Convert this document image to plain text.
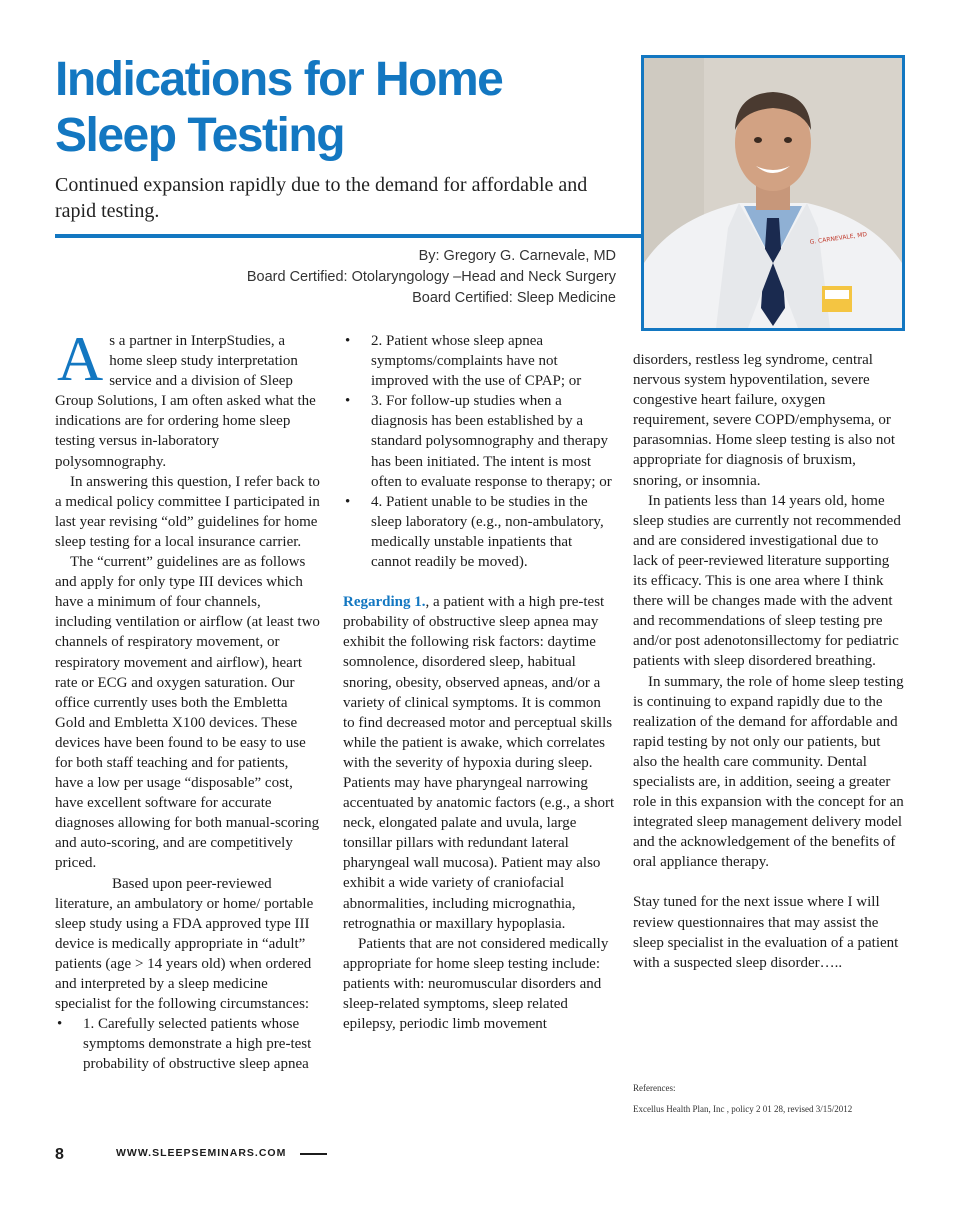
Indications for Home
Sleep Testing
Continued expansion rapidly due to the demand for affordable and rapid testing.
By: Gregory G. Carnevale, MD
Board Certified: Otolaryngology –Head and Neck Surgery
Board Certified: Sleep Medicine
G. CARNEVALE, MD

As a partner in InterpStudies, a home sleep study interpretation service and a division of Sleep Group Solutions, I am often asked what the indications are for ordering home sleep testing versus in-laboratory polysomnography.

In answering this question, I refer back to a medical policy committee I participated in last year revising “old” guidelines for home sleep testing for a local insurance carrier.

The “current” guidelines are as follows and apply for only type III devices which have a minimum of four channels, including ventilation or airflow (at least two channels of respiratory movement, or respiratory movement and airflow), heart rate or ECG and oxygen saturation. Our office currently uses both the Embletta Gold and Embletta X100 devices. These devices have been found to be easy to use for both staff teaching and for patients, have a low per usage “disposable” cost, have excellent software for accurate diagnoses allowing for both manual-scoring and auto-scoring, and are competitively priced.

Based upon peer-reviewed literature, an ambulatory or home/ portable sleep study using a FDA approved type III device is medically appropriate in “adult” patients (age > 14 years old) when ordered and interpreted by a sleep medicine specialist for the following circumstances:

• 1. Carefully selected patients whose symptoms demonstrate a high pre-test probability of obstructive sleep apnea
• 2. Patient whose sleep apnea symptoms/complaints have not improved with the use of CPAP; or
• 3. For follow-up studies when a diagnosis has been established by a standard polysomnography and therapy has been initiated. The intent is most often to evaluate response to therapy; or
• 4. Patient unable to be studies in the sleep laboratory (e.g., non-ambulatory, medically unstable inpatients that cannot readily be moved).

Regarding 1., a patient with a high pre-test probability of obstructive sleep apnea may exhibit the following risk factors: daytime somnolence, disordered sleep, habitual snoring, obesity, observed apneas, and/or a variety of clinical symptoms. It is common to find decreased motor and perceptual skills while the patient is awake, which correlates with the severity of hypoxia during sleep. Patients may have pharyngeal narrowing accentuated by anatomic factors (e.g., a short neck, elongated palate and uvula, large tonsillar pillars with redundant lateral pharyngeal wall mucosa). Patient may also exhibit a wide variety of craniofacial abnormalities, including micrognathia, retrognathia or maxillary hypoplasia.

Patients that are not considered medically appropriate for home sleep testing include: patients with: neuromuscular disorders and sleep-related symptoms, sleep related epilepsy, periodic limb movement

disorders, restless leg syndrome, central nervous system hypoventilation, severe congestive heart failure, oxygen requirement, severe COPD/emphysema, or parasomnias. Home sleep testing is also not appropriate for diagnosis of bruxism, snoring, or insomnia.

In patients less than 14 years old, home sleep studies are currently not recommended and are considered investigational due to lack of peer-reviewed literature supporting its efficacy. This is one area where I think there will be changes made with the advent and recommendations of sleep testing pre and/or post adenotonsillectomy for pediatric patients with sleep disordered breathing.

In summary, the role of home sleep testing is continuing to expand rapidly due to the realization of the demand for affordable and rapid testing by not only our patients, but also the health care community. Dental specialists are, in addition, seeing a greater role in this expansion with the concept for an integrated sleep management delivery model and the acknowledgement of the benefits of oral appliance therapy.

Stay tuned for the next issue where I will review questionnaires that may assist the sleep specialist in the evaluation of a patient with a suspected sleep disorder…..

References:
Excellus Health Plan, Inc , policy 2 01 28, revised 3/15/2012
8	WWW.SLEEPSEMINARS.COM
